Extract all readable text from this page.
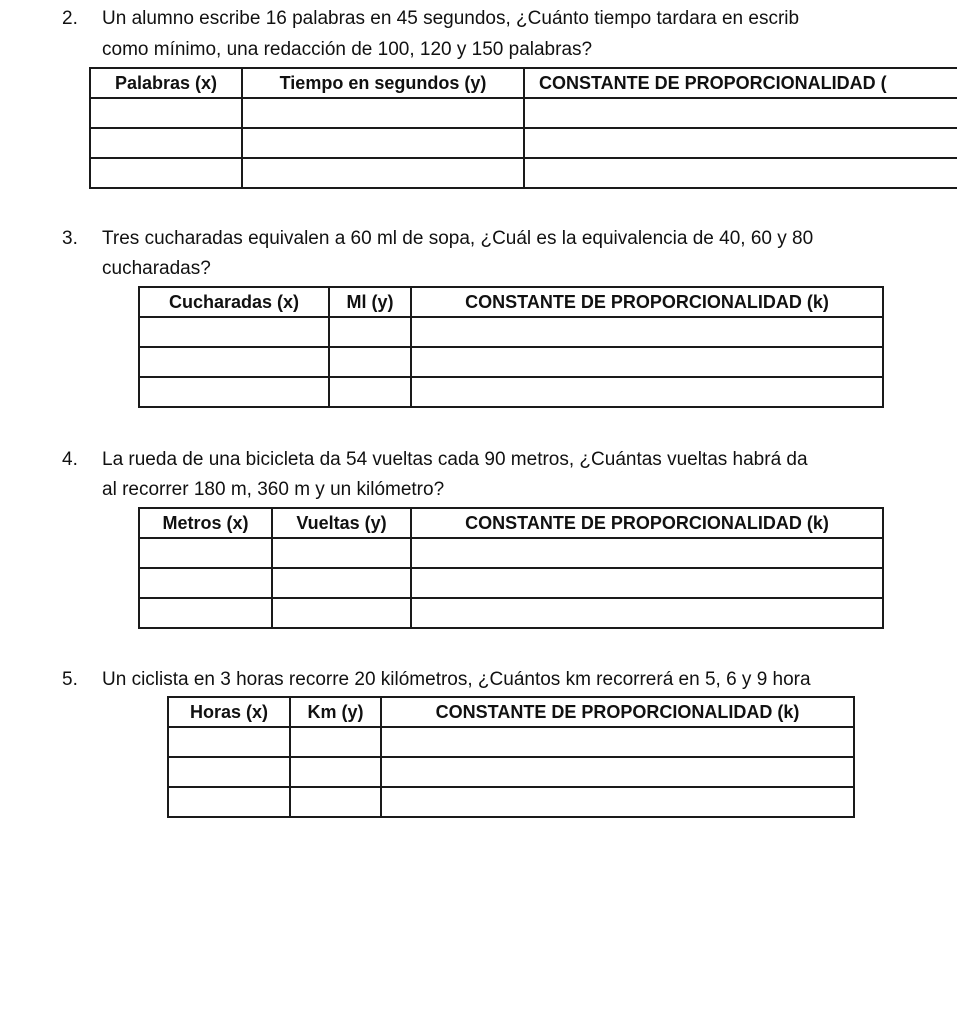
2. Un alumno escribe 16 palabras en 45 segundos, ¿Cuánto tiempo tardara en escrib
como mínimo, una redacción de 100, 120 y 150 palabras?
Palabras (x)	Tiempo en segundos (y)	CONSTANTE DE PROPORCIONALIDAD (

3. Tres cucharadas equivalen a 60 ml de sopa, ¿Cuál es la equivalencia de 40, 60 y 80
cucharadas?
Cucharadas (x)	Ml (y)	CONSTANTE DE PROPORCIONALIDAD (k)

4. La rueda de una bicicleta da 54 vueltas cada 90 metros, ¿Cuántas vueltas habrá da
al recorrer 180 m, 360 m y un kilómetro?
Metros (x)	Vueltas (y)	CONSTANTE DE PROPORCIONALIDAD (k)

5. Un ciclista en 3 horas recorre 20 kilómetros, ¿Cuántos km recorrerá en 5, 6 y 9 hora
Horas (x)	Km (y)	CONSTANTE DE PROPORCIONALIDAD (k)
